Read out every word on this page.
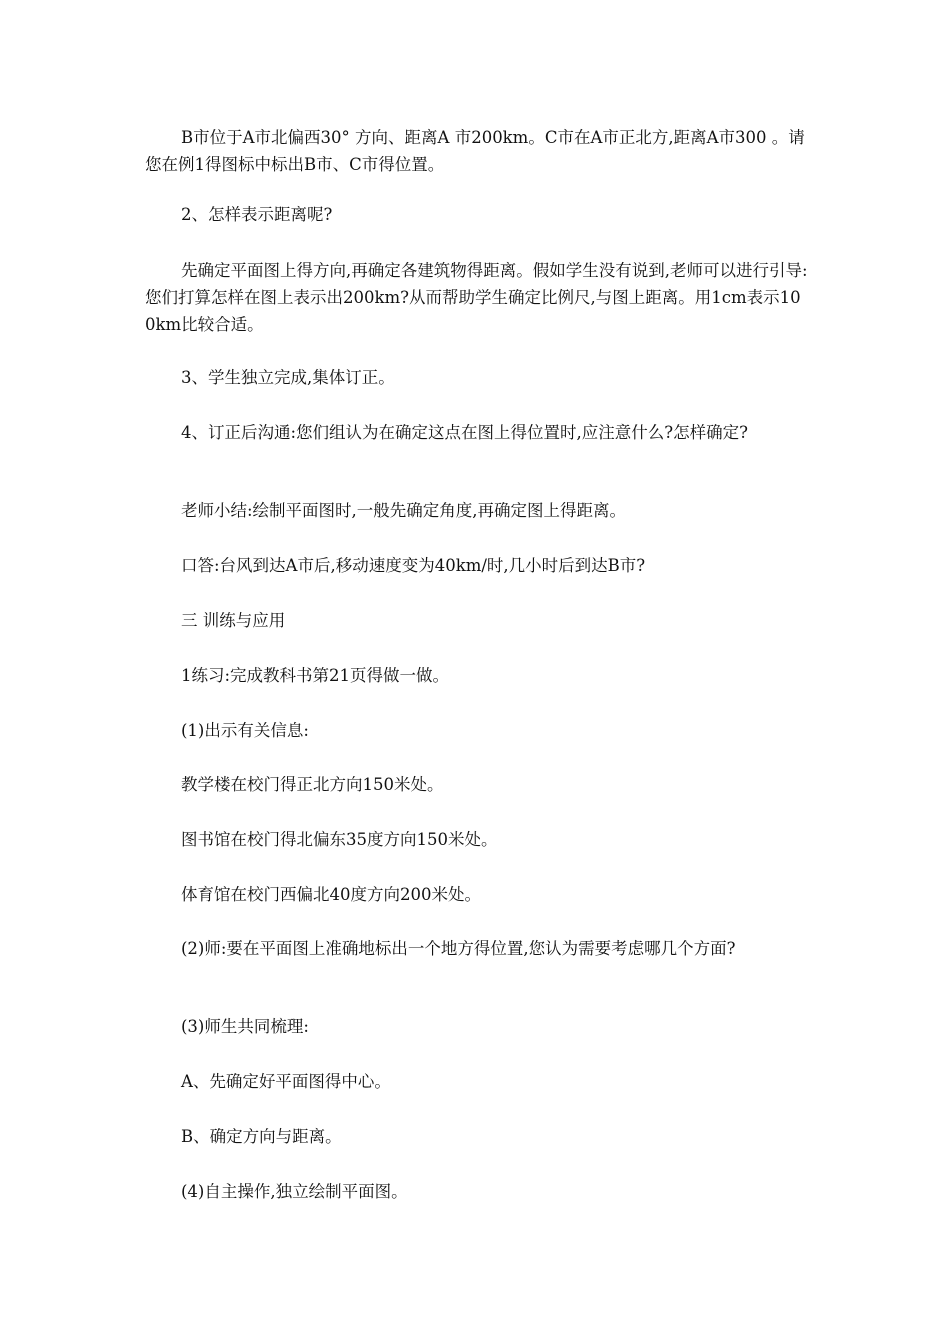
B市位于A市北偏西30° 方向、距离A 市200km。C市在A市正北方,距离A市300 。请您在例1得图标中标出B市、C市得位置。

2、怎样表示距离呢?

先确定平面图上得方向,再确定各建筑物得距离。假如学生没有说到,老师可以进行引导:您们打算怎样在图上表示出200km?从而帮助学生确定比例尺,与图上距离。用1cm表示100km比较合适。

3、学生独立完成,集体订正。

4、订正后沟通:您们组认为在确定这点在图上得位置时,应注意什么?怎样确定?

老师小结:绘制平面图时,一般先确定角度,再确定图上得距离。

口答:台风到达A市后,移动速度变为40km/时,几小时后到达B市?

三 训练与应用

1练习:完成教科书第21页得做一做。

(1)出示有关信息:

教学楼在校门得正北方向150米处。

图书馆在校门得北偏东35度方向150米处。

体育馆在校门西偏北40度方向200米处。

(2)师:要在平面图上准确地标出一个地方得位置,您认为需要考虑哪几个方面?

(3)师生共同梳理:

A、先确定好平面图得中心。

B、确定方向与距离。

(4)自主操作,独立绘制平面图。
